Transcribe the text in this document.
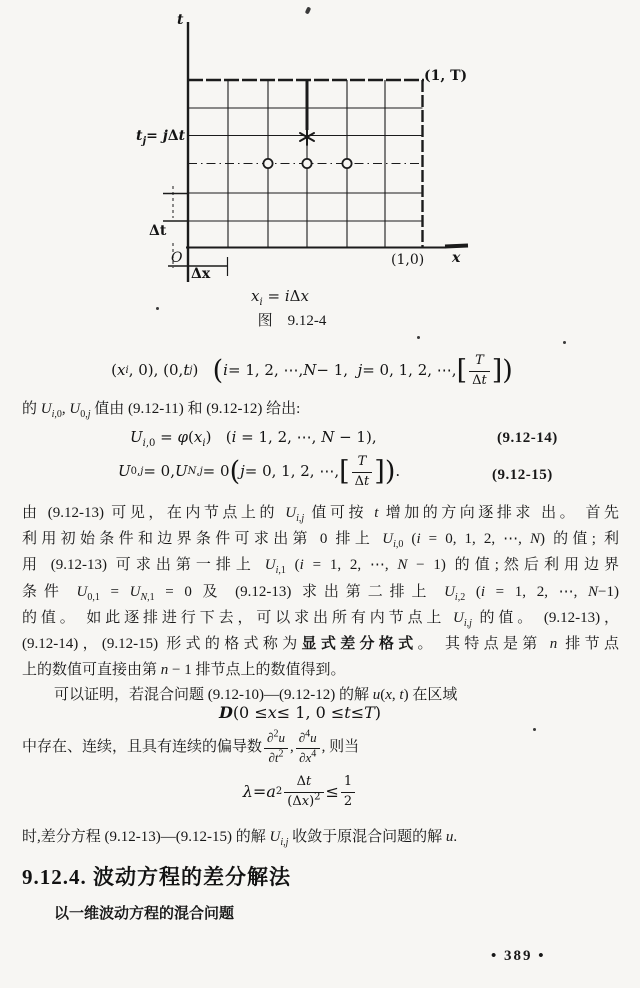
t
(1, T)
$t_j= j\Delta t$
Δt
O
Δx
(1,0) x
$x_i = i\Delta x$
图　9.12-4
( x i , 0), (0, t j ) ( i = 1, 2, ⋯, N − 1, j = 0, 1, 2, ⋯, [ $\frac{T}{\Delta t}$ ] )
的 $U_{i,0}$, $U_{0,j}$ 值由 (9.12-11) 和 (9.12-12) 给出:
$U_{i,0} = \varphi(x_i) (i = 1$, 2, ⋯, N − 1),	(9.12-14)
U 0,j = 0, U N,j = 0 ( j = 0, 1, 2, ⋯, [ $\frac{T}{\Delta t}$ ] ) .	(9.12-15)
由 (9.12-13) 可见，在内节点上的 $U_{i,j}$ 值可按 t 增加的方向逐排求 出。 首先
利用初始条件和边界条件可求出第 0 排上 $U_{i,0}$ (i = 0, 1, 2, ⋯, N) 的值; 利
用 (9.12-13) 可求出第一排上 $U_{i,1}$ (i = 1, 2, ⋯, N − 1) 的值;然后利用边界
条件 $U_{0,1} = U_{N,1} = 0$ 及 (9.12-13) 求出第二排上 $U_{i,2}$ (i = 1, 2, ⋯, N−1)
的值。 如此逐排进行下去，可以求出所有内节点上 $U_{i,j}$ 的值。 (9.12-13)，
(9.12-14)，(9.12-15) 形式的格式称为显式差分格式。 其特点是第 n 排节点
上的数值可直接由第 n − 1 排节点上的数值得到。
可以证明，若混合问题 (9.12-10)—(9.12-12) 的解 u(x, t) 在区域
D (0 ≤ x ≤ 1, 0 ≤ t ≤ T )
中存在、连续，且具有连续的偏导数 $\frac{\partial^2u}{\partial t^2}$ , $\frac{\partial^4u}{\partial x^4}$ , 则当
λ = a $2 \frac{\Delta t}{(\Delta x)^2} \le \frac{1}{2}$
时,差分方程 (9.12-13)—(9.12-15) 的解 $U_{i,j}$ 收敛于原混合问题的解 u.
9.12.4. 波动方程的差分解法
以一维波动方程的混合问题
• 389 •
